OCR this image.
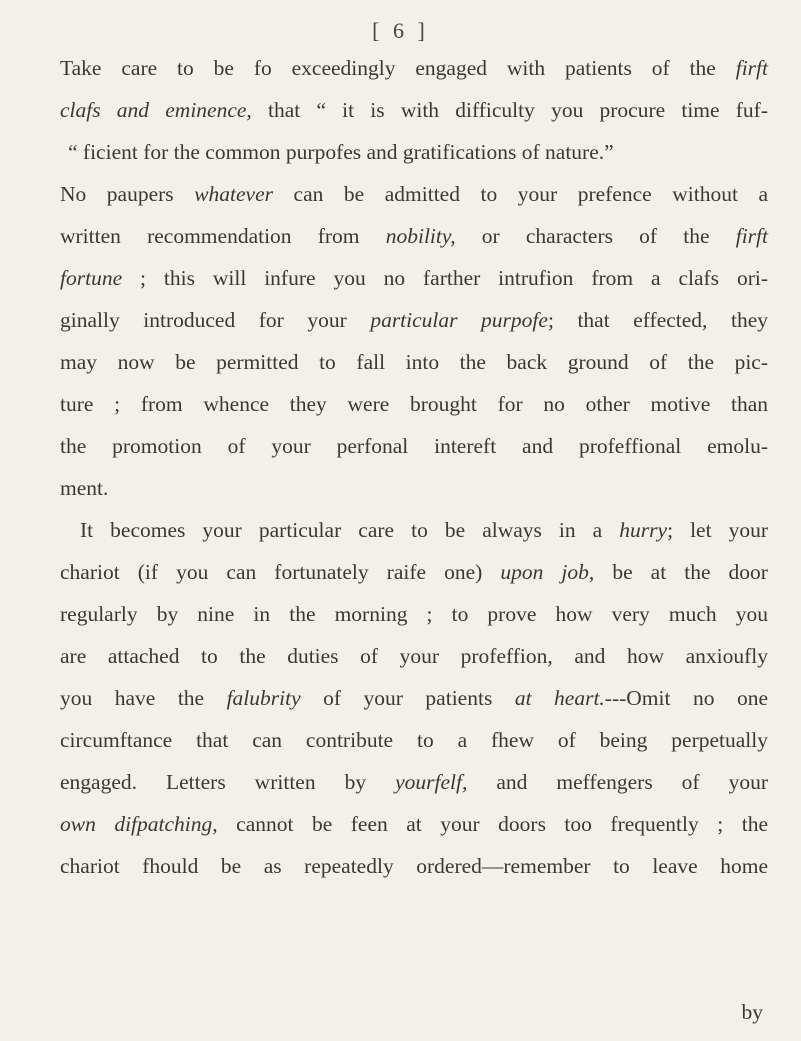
[ 6 ]
Take care to be fo exceedingly engaged with patients of the firft
clafs and eminence, that “ it is with difficulty you procure time fuf-
“ ficient for the common purpofes and gratifications of nature.”
No paupers whatever can be admitted to your prefence without a
written recommendation from nobility, or characters of the firft
fortune ; this will infure you no farther intrufion from a clafs ori-
ginally introduced for your particular purpofe; that effected, they
may now be permitted to fall into the back ground of the pic-
ture ; from whence they were brought for no other motive than
the promotion of your perfonal intereft and profeffional emolu-
ment.
It becomes your particular care to be always in a hurry; let your
chariot (if you can fortunately raife one) upon job, be at the door
regularly by nine in the morning ; to prove how very much you
are attached to the duties of your profeffion, and how anxioufly
you have the falubrity of your patients at heart.---Omit no one
circumftance that can contribute to a fhew of being perpetually
engaged. Letters written by yourfelf, and meffengers of your
own difpatching, cannot be feen at your doors too frequently ; the
chariot fhould be as repeatedly ordered—remember to leave home
by
